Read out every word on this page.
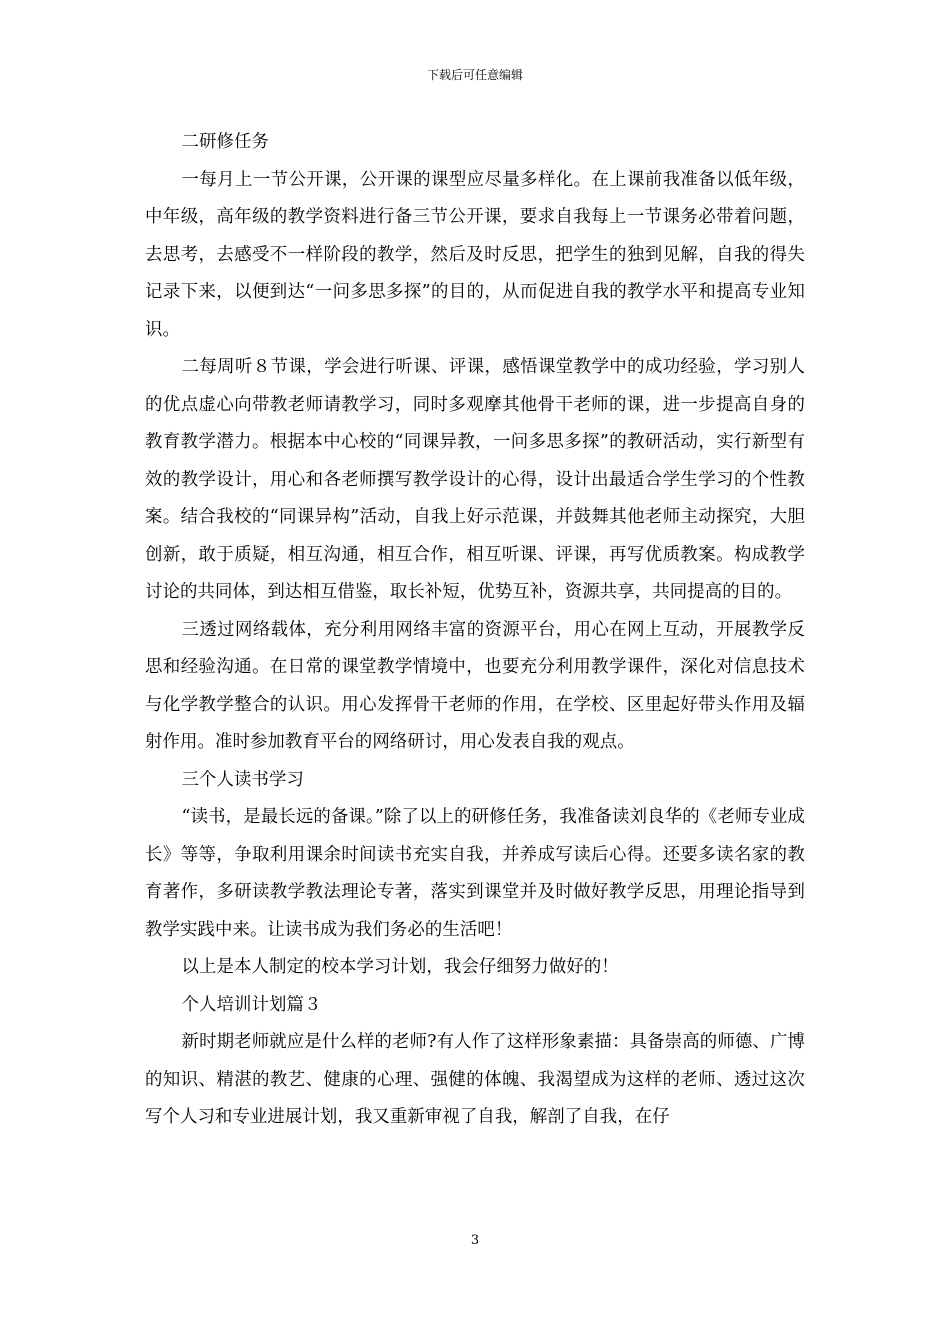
下载后可任意编辑

二研修任务

一每月上一节公开课，公开课的课型应尽量多样化。在上课前我准备以低年级，中年级，高年级的教学资料进行备三节公开课，要求自我每上一节课务必带着问题，去思考，去感受不一样阶段的教学，然后及时反思，把学生的独到见解，自我的得失记录下来，以便到达“一问多思多探”的目的，从而促进自我的教学水平和提高专业知识。

二每周听８节课，学会进行听课、评课，感悟课堂教学中的成功经验，学习别人的优点虚心向带教老师请教学习，同时多观摩其他骨干老师的课，进一步提高自身的教育教学潜力。根据本中心校的“同课异教，一问多思多探”的教研活动，实行新型有效的教学设计，用心和各老师撰写教学设计的心得，设计出最适合学生学习的个性教案。结合我校的“同课异构”活动，自我上好示范课，并鼓舞其他老师主动探究，大胆创新，敢于质疑，相互沟通，相互合作，相互听课、评课，再写优质教案。构成教学讨论的共同体，到达相互借鉴，取长补短，优势互补，资源共享，共同提高的目的。

三透过网络载体，充分利用网络丰富的资源平台，用心在网上互动，开展教学反思和经验沟通。在日常的课堂教学情境中，也要充分利用教学课件，深化对信息技术与化学教学整合的认识。用心发挥骨干老师的作用，在学校、区里起好带头作用及辐射作用。准时参加教育平台的网络研讨，用心发表自我的观点。

三个人读书学习

“读书，是最长远的备课。”除了以上的研修任务，我准备读刘良华的《老师专业成长》等等，争取利用课余时间读书充实自我，并养成写读后心得。还要多读名家的教育著作，多研读教学教法理论专著，落实到课堂并及时做好教学反思，用理论指导到教学实践中来。让读书成为我们务必的生活吧！

以上是本人制定的校本学习计划，我会仔细努力做好的！

个人培训计划篇３

新时期老师就应是什么样的老师?有人作了这样形象素描：具备崇高的师德、广博的知识、精湛的教艺、健康的心理、强健的体魄、我渴望成为这样的老师、透过这次写个人习和专业进展计划，我又重新审视了自我，解剖了自我，在仔

3
